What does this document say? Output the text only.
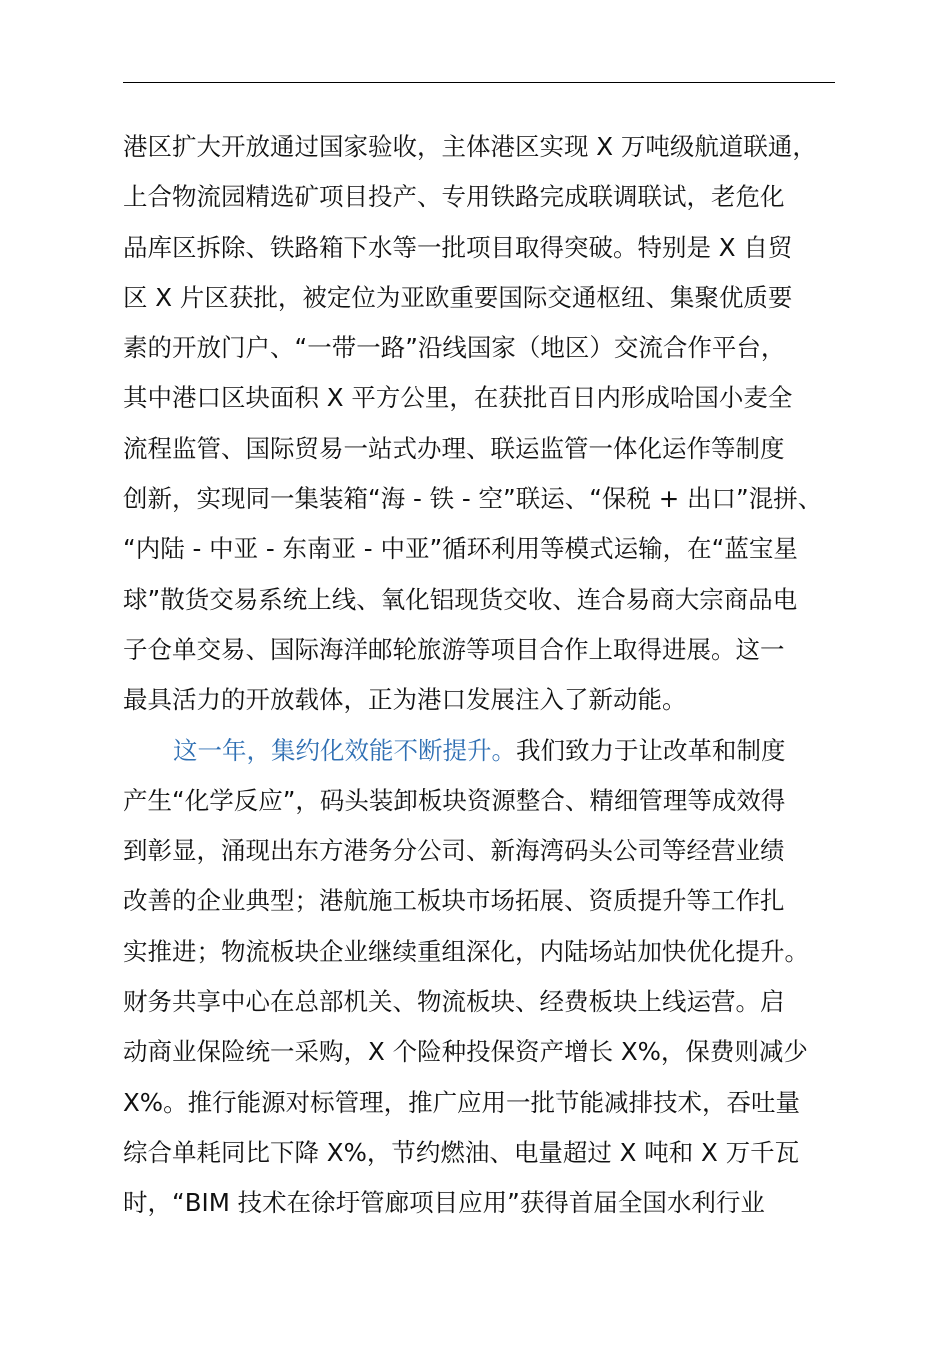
港区扩大开放通过国家验收，主体港区实现 X 万吨级航道联通，
上合物流园精选矿项目投产、专用铁路完成联调联试，老危化
品库区拆除、铁路箱下水等一批项目取得突破。特别是 X 自贸
区 X 片区获批，被定位为亚欧重要国际交通枢纽、集聚优质要
素的开放门户、“一带一路”沿线国家（地区）交流合作平台，
其中港口区块面积 X 平方公里，在获批百日内形成哈国小麦全
流程监管、国际贸易一站式办理、联运监管一体化运作等制度
创新，实现同一集装箱“海 - 铁 - 空”联运、“保税 + 出口”混拼、
“内陆 - 中亚 - 东南亚 - 中亚”循环利用等模式运输，在“蓝宝星
球”散货交易系统上线、氧化铝现货交收、连合易商大宗商品电
子仓单交易、国际海洋邮轮旅游等项目合作上取得进展。这一
最具活力的开放载体，正为港口发展注入了新动能。
这一年，集约化效能不断提升。我们致力于让改革和制度
产生“化学反应”，码头装卸板块资源整合、精细管理等成效得
到彰显，涌现出东方港务分公司、新海湾码头公司等经营业绩
改善的企业典型；港航施工板块市场拓展、资质提升等工作扎
实推进；物流板块企业继续重组深化，内陆场站加快优化提升。
财务共享中心在总部机关、物流板块、经费板块上线运营。启
动商业保险统一采购，X 个险种投保资产增长 X%，保费则减少
X%。推行能源对标管理，推广应用一批节能减排技术，吞吐量
综合单耗同比下降 X%，节约燃油、电量超过 X 吨和 X 万千瓦
时，“BIM 技术在徐圩管廊项目应用”获得首届全国水利行业
